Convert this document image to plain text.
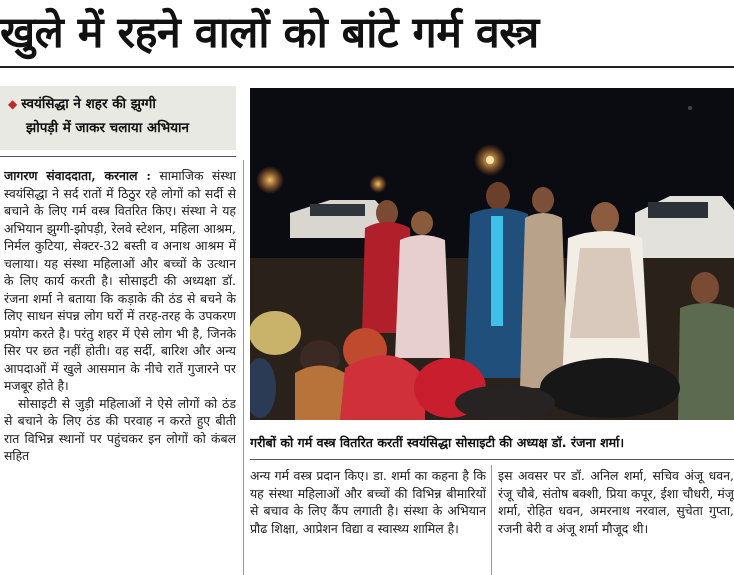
खुले में रहने वालों को बांटे गर्म वस्त्र
◆ स्वयंसिद्धा ने शहर की झुग्गी
झोपड़ी में जाकर चलाया अभियान

जागरण संवाददाता, करनाल : सामाजिक संस्था स्वयंसिद्धा ने सर्द रातों में ठिठुर रहे लोगों को सर्दी से बचाने के लिए गर्म वस्त्र वितरित किए। संस्था ने यह अभियान झुग्गी-झोपड़ी, रेलवे स्टेशन, महिला आश्रम, निर्मल कुटिया, सेक्टर-32 बस्ती व अनाथ आश्रम में चलाया। यह संस्था महिलाओं और बच्चों के उत्थान के लिए कार्य करती है। सोसाइटी की अध्यक्षा डॉ. रंजना शर्मा ने बताया कि कड़ाके की ठंड से बचने के लिए साधन संपन्न लोग घरों में तरह-तरह के उपकरण प्रयोग करते है। परंतु शहर में ऐसे लोग भी है, जिनके सिर पर छत नहीं होती। वह सर्दी, बारिश और अन्य आपदाओं में खुले आसमान के नीचे रातें गुजारने पर मजबूर होते है।

सोसाइटी से जुड़ी महिलाओं ने ऐसे लोगों को ठंड से बचाने के लिए ठंड की परवाह न करते हुए बीती रात विभिन्न स्थानों पर पहुंचकर इन लोगों को कंबल सहित

गरीबों को गर्म वस्त्र वितरित करतीं स्वयंसिद्धा सोसाइटी की अध्यक्ष डॉ. रंजना शर्मा।

अन्य गर्म वस्त्र प्रदान किए। डा. शर्मा का कहना है कि यह संस्था महिलाओं और बच्चों की विभिन्न बीमारियों से बचाव के लिए कैंप लगाती है। संस्था के अभियान प्रौढ शिक्षा, आप्रेशन विद्या व स्वास्थ्य शामिल है।

इस अवसर पर डॉ. अनिल शर्मा, सचिव अंजू धवन, रंजू चौबे, संतोष बक्शी, प्रिया कपूर, ईशा चौधरी, मंजू शर्मा, रोहित धवन, अमरनाथ नरवाल, सुचेता गुप्ता, रजनी बेरी व अंजू शर्मा मौजूद थी।
